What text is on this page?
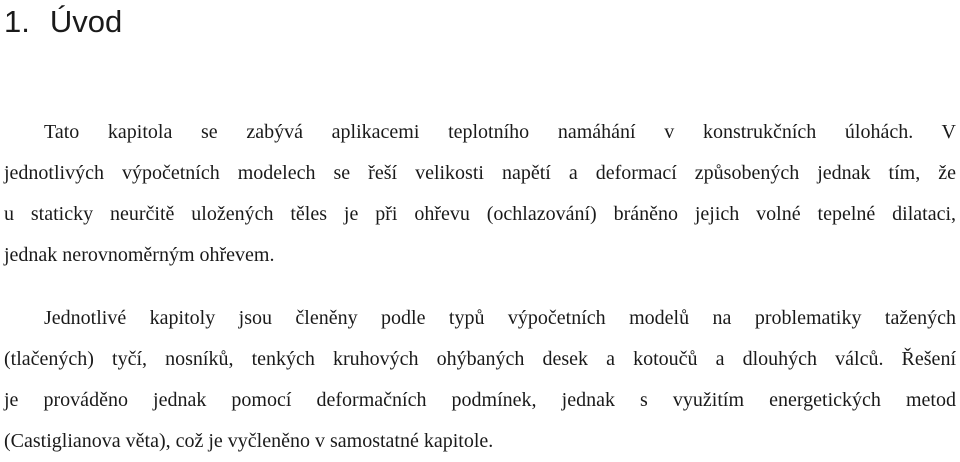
1. Úvod

Tato kapitola se zabývá aplikacemi teplotního namáhání v konstrukčních úlohách. V
jednotlivých výpočetních modelech se řeší velikosti napětí a deformací způsobených jednak tím, že
u staticky neurčitě uložených těles je při ohřevu (ochlazování) bráněno jejich volné tepelné dilataci,
jednak nerovnoměrným ohřevem.

Jednotlivé kapitoly jsou členěny podle typů výpočetních modelů na problematiky tažených
(tlačených) tyčí, nosníků, tenkých kruhových ohýbaných desek a kotoučů a dlouhých válců. Řešení
je prováděno jednak pomocí deformačních podmínek, jednak s využitím energetických metod
(Castiglianova věta), což je vyčleněno v samostatné kapitole.
